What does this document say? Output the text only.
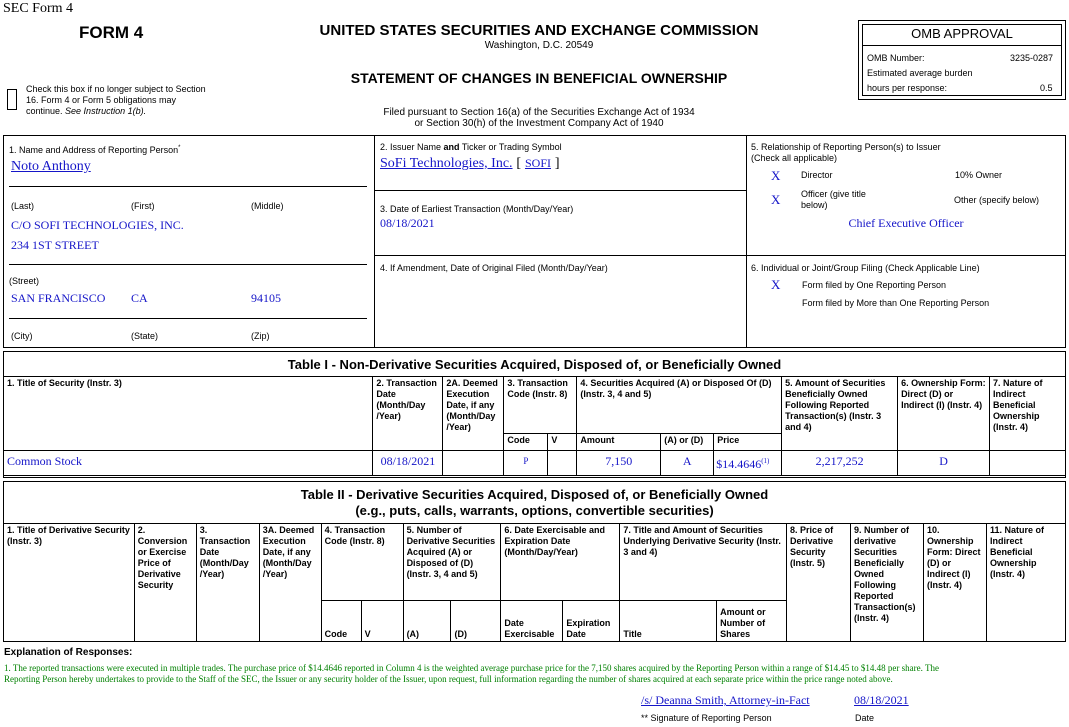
SEC Form 4
FORM 4	UNITED STATES SECURITIES AND EXCHANGE COMMISSION
Washington, D.C. 20549
STATEMENT OF CHANGES IN BENEFICIAL OWNERSHIP
Filed pursuant to Section 16(a) of the Securities Exchange Act of 1934
or Section 30(h) of the Investment Company Act of 1940
Check this box if no longer subject to Section
16. Form 4 or Form 5 obligations may
continue. See Instruction 1(b).
OMB APPROVAL
OMB Number:	3235-0287
Estimated average burden
hours per response:	0.5
1. Name and Address of Reporting Person*
Noto Anthony
(Last)	(First)	(Middle)
C/O SOFI TECHNOLOGIES, INC.
234 1ST STREET
(Street)
SAN FRANCISCO CA	94105
(City)	(State)	(Zip)
2. Issuer Name and Ticker or Trading Symbol
SoFi Technologies, Inc. [ SOFI ]
3. Date of Earliest Transaction (Month/Day/Year)
08/18/2021
4. If Amendment, Date of Original Filed (Month/Day/Year)
5. Relationship of Reporting Person(s) to Issuer
(Check all applicable)
X Director	10% Owner
X Officer (give title
below)	Other (specify below)
Chief Executive Officer
6. Individual or Joint/Group Filing (Check Applicable Line)
X Form filed by One Reporting Person
Form filed by More than One Reporting Person
Table I - Non-Derivative Securities Acquired, Disposed of, or Beneficially Owned
1. Title of Security (Instr. 3)	2. Transaction Date (Month/Day /Year)	2A. Deemed Execution Date, if any (Month/Day /Year)	3. Transaction Code (Instr. 8)		4. Securities Acquired (A) or Disposed Of (D) (Instr. 3, 4 and 5)			5. Amount of Securities Beneficially Owned Following Reported Transaction(s) (Instr. 3 and 4)	6. Ownership Form: Direct (D) or Indirect (I) (Instr. 4)	7. Nature of Indirect Beneficial Ownership (Instr. 4)
			Code	V	Amount	(A) or (D)	Price			
Common Stock	08/18/2021		P		7,150	A	$14.4646$^{(1)}$	2,217,252	D	
Table II - Derivative Securities Acquired, Disposed of, or Beneficially Owned
(e.g., puts, calls, warrants, options, convertible securities)
1. Title of Derivative Security (Instr. 3)	2. Conversion or Exercise Price of Derivative Security	3. Transaction Date (Month/Day /Year)	3A. Deemed Execution Date, if any (Month/Day /Year)	4. Transaction Code (Instr. 8)		5. Number of Derivative Securities Acquired (A) or Disposed of (D) (Instr. 3, 4 and 5)		6. Date Exercisable and Expiration Date (Month/Day/Year)		7. Title and Amount of Securities Underlying Derivative Security (Instr. 3 and 4)		8. Price of Derivative Security (Instr. 5)	9. Number of derivative Securities Beneficially Owned Following Reported Transaction(s) (Instr. 4)	10. Ownership Form: Direct (D) or Indirect (I) (Instr. 4)	11. Nature of Indirect Beneficial Ownership (Instr. 4)
				Code	V	(A)	(D)	Date Exercisable	Expiration Date	Title	Amount or Number of Shares				
Explanation of Responses:
1. The reported transactions were executed in multiple trades. The purchase price of $14.4646 reported in Column 4 is the weighted average purchase price for the 7,150 shares acquired by the Reporting Person within a range of $14.45 to $14.48 per share. The
Reporting Person hereby undertakes to provide to the Staff of the SEC, the Issuer or any security holder of the Issuer, upon request, full information regarding the number of shares acquired at each separate price within the price range noted above.
/s/ Deanna Smith, Attorney-in-Fact	08/18/2021
** Signature of Reporting Person	Date
